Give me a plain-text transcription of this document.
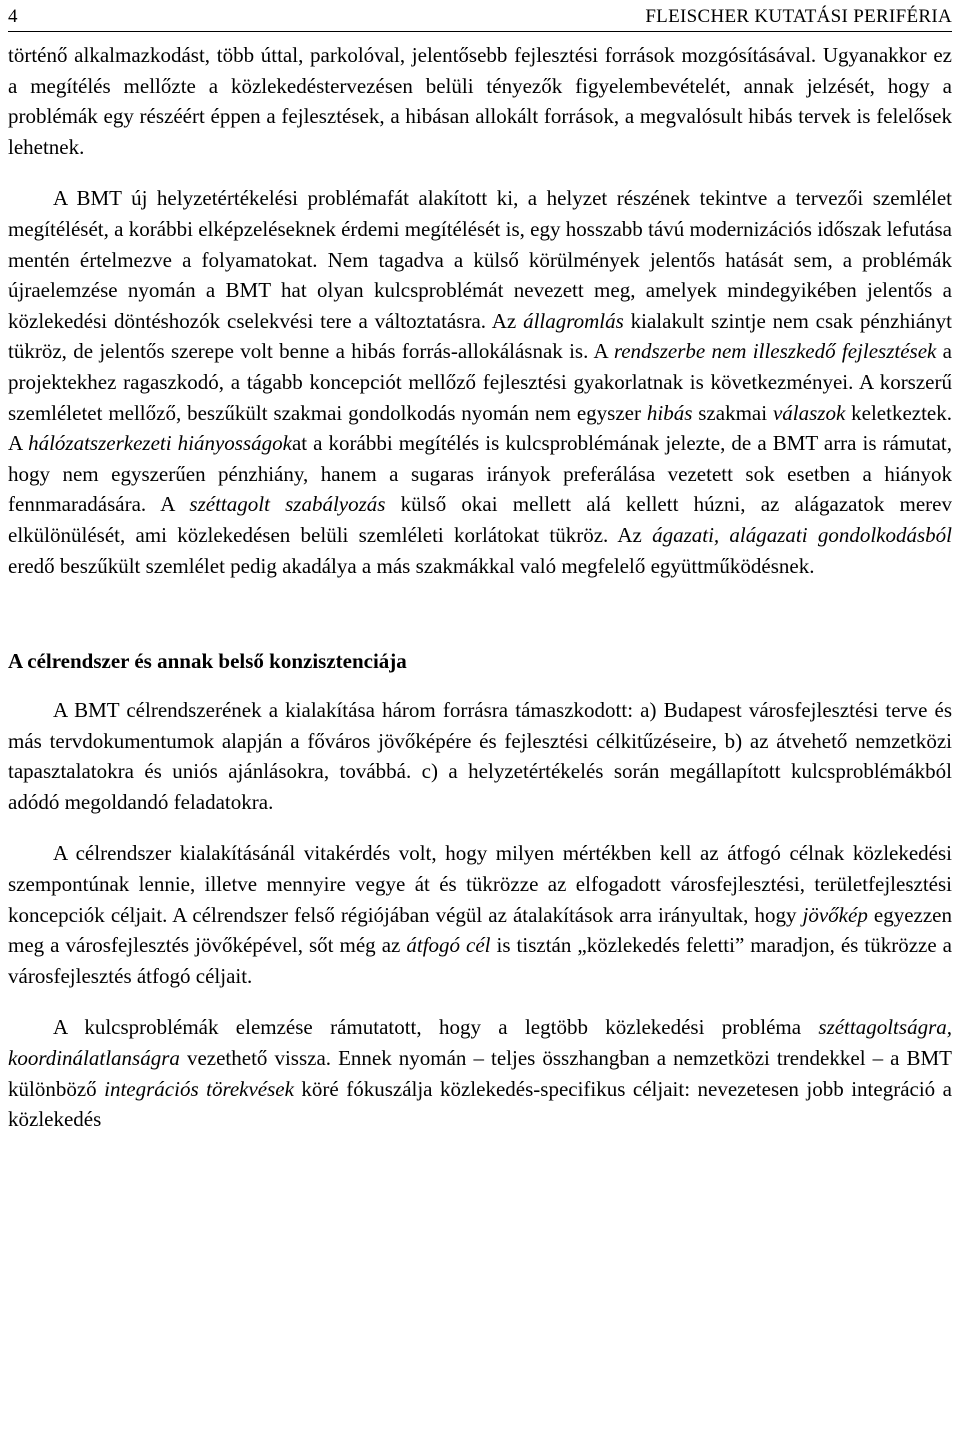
4	FLEISCHER KUTATÁSI PERIFÉRIA

történő alkalmazkodást, több úttal, parkolóval, jelentősebb fejlesztési források mozgósításával. Ugyanakkor ez a megítélés mellőzte a közlekedéstervezésen belüli tényezők figyelembevételét, annak jelzését, hogy a problémák egy részéért éppen a fejlesztések, a hibásan allokált források, a megvalósult hibás tervek is felelősek lehetnek.

A BMT új helyzetértékelési problémafát alakított ki, a helyzet részének tekintve a tervezői szemlélet megítélését, a korábbi elképzeléseknek érdemi megítélését is, egy hosszabb távú modernizációs időszak lefutása mentén értelmezve a folyamatokat. Nem tagadva a külső körülmények jelentős hatását sem, a problémák újraelemzése nyomán a BMT hat olyan kulcsproblémát nevezett meg, amelyek mindegyikében jelentős a közlekedési döntéshozók cselekvési tere a változtatásra. Az állagromlás kialakult szintje nem csak pénzhiányt tükröz, de jelentős szerepe volt benne a hibás forrás-allokálásnak is. A rendszerbe nem illeszkedő fejlesztések a projektekhez ragaszkodó, a tágabb koncepciót mellőző fejlesztési gyakorlatnak is következményei. A korszerű szemléletet mellőző, beszűkült szakmai gondolkodás nyomán nem egyszer hibás szakmai válaszok keletkeztek. A hálózatszerkezeti hiányosságokat a korábbi megítélés is kulcsproblémának jelezte, de a BMT arra is rámutat, hogy nem egyszerűen pénzhiány, hanem a sugaras irányok preferálása vezetett sok esetben a hiányok fennmaradására. A széttagolt szabályozás külső okai mellett alá kellett húzni, az alágazatok merev elkülönülését, ami közlekedésen belüli szemléleti korlátokat tükröz. Az ágazati, alágazati gondolkodásból eredő beszűkült szemlélet pedig akadálya a más szakmákkal való megfelelő együttműködésnek.

A célrendszer és annak belső konzisztenciája

A BMT célrendszerének a kialakítása három forrásra támaszkodott: a) Budapest városfejlesztési terve és más tervdokumentumok alapján a főváros jövőképére és fejlesztési célkitűzéseire, b) az átvehető nemzetközi tapasztalatokra és uniós ajánlásokra, továbbá. c) a helyzetértékelés során megállapított kulcsproblémákból adódó megoldandó feladatokra.

A célrendszer kialakításánál vitakérdés volt, hogy milyen mértékben kell az átfogó célnak közlekedési szempontúnak lennie, illetve mennyire vegye át és tükrözze az elfogadott városfejlesztési, területfejlesztési koncepciók céljait. A célrendszer felső régiójában végül az átalakítások arra irányultak, hogy jövőkép egyezzen meg a városfejlesztés jövőképével, sőt még az átfogó cél is tisztán „közlekedés feletti” maradjon, és tükrözze a városfejlesztés átfogó céljait.

A kulcsproblémák elemzése rámutatott, hogy a legtöbb közlekedési probléma széttagoltságra, koordinálatlanságra vezethető vissza. Ennek nyomán – teljes összhangban a nemzetközi trendekkel – a BMT különböző integrációs törekvések köré fókuszálja közlekedés-specifikus céljait: nevezetesen jobb integráció a közlekedés
